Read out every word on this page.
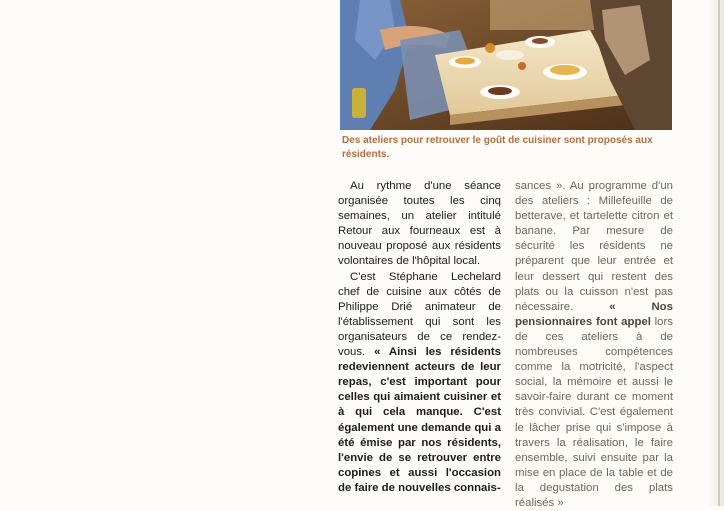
Des ateliers pour retrouver le goût de cuisiner sont proposés aux résidents.

Au rythme d'une séance organisée toutes les cinq semaines, un atelier intitulé Retour aux fourneaux est à nouveau proposé aux résidents volontaires de l'hôpital local.

C'est Stéphane Lechelard chef de cuisine aux côtés de Philippe Drié animateur de l'établissement qui sont les organisateurs de ce rendez-vous. « Ainsi les résidents redeviennent acteurs de leur repas, c'est important pour celles qui aimaient cuisiner et à qui cela manque. C'est également une demande qui a été émise par nos résidents, l'envie de se retrouver entre copines et aussi l'occasion de faire de nouvelles connais-

sances ». Au programme d'un des ateliers : Millefeuille de betterave, et tartelette citron et banane. Par mesure de sécurité les résidents ne préparent que leur entrée et leur dessert qui restent des plats ou la cuisson n'est pas nécessaire. « Nos pensionnaires font appel lors de ces ateliers à de nombreuses compétences comme la motricité, l'aspect social, la mémoire et aussi le savoir-faire durant ce moment très convivial. C'est également le lâcher prise qui s'impose à travers la réalisation, le faire ensemble, suivi ensuite par la mise en place de la table et de la degustation des plats réalisés »
